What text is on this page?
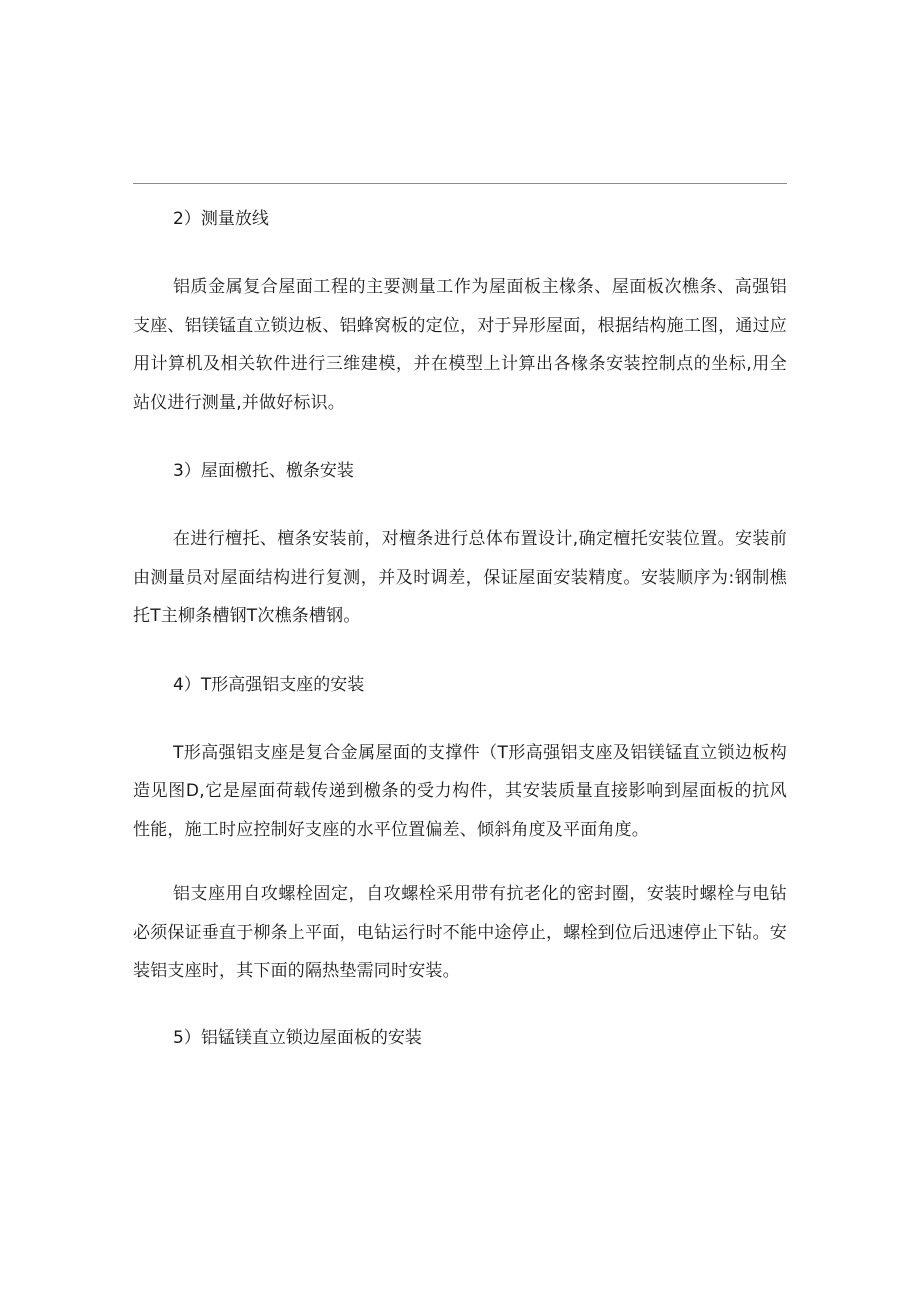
2）测量放线

铝质金属复合屋面工程的主要测量工作为屋面板主椽条、屋面板次樵条、高强铝支座、铝镁锰直立锁边板、铝蜂窝板的定位，对于异形屋面，根据结构施工图，通过应用计算机及相关软件进行三维建模，并在模型上计算出各椽条安装控制点的坐标,用全站仪进行测量,并做好标识。

3）屋面檄托、檄条安装

在进行檀托、檀条安装前，对檀条进行总体布置设计,确定檀托安装位置。安装前由测量员对屋面结构进行复测，并及时调差，保证屋面安装精度。安装顺序为:钢制樵托T主柳条槽钢T次樵条槽钢。

4）T形高强铝支座的安装

T形高强铝支座是复合金属屋面的支撑件（T形高强铝支座及铝镁锰直立锁边板构造见图D,它是屋面荷载传递到檄条的受力构件，其安装质量直接影响到屋面板的抗风性能，施工时应控制好支座的水平位置偏差、倾斜角度及平面角度。

铝支座用自攻螺栓固定，自攻螺栓采用带有抗老化的密封圈，安装时螺栓与电钻必须保证垂直于柳条上平面，电钻运行时不能中途停止，螺栓到位后迅速停止下钻。安装铝支座时，其下面的隔热垫需同时安装。

5）铝锰镁直立锁边屋面板的安装
